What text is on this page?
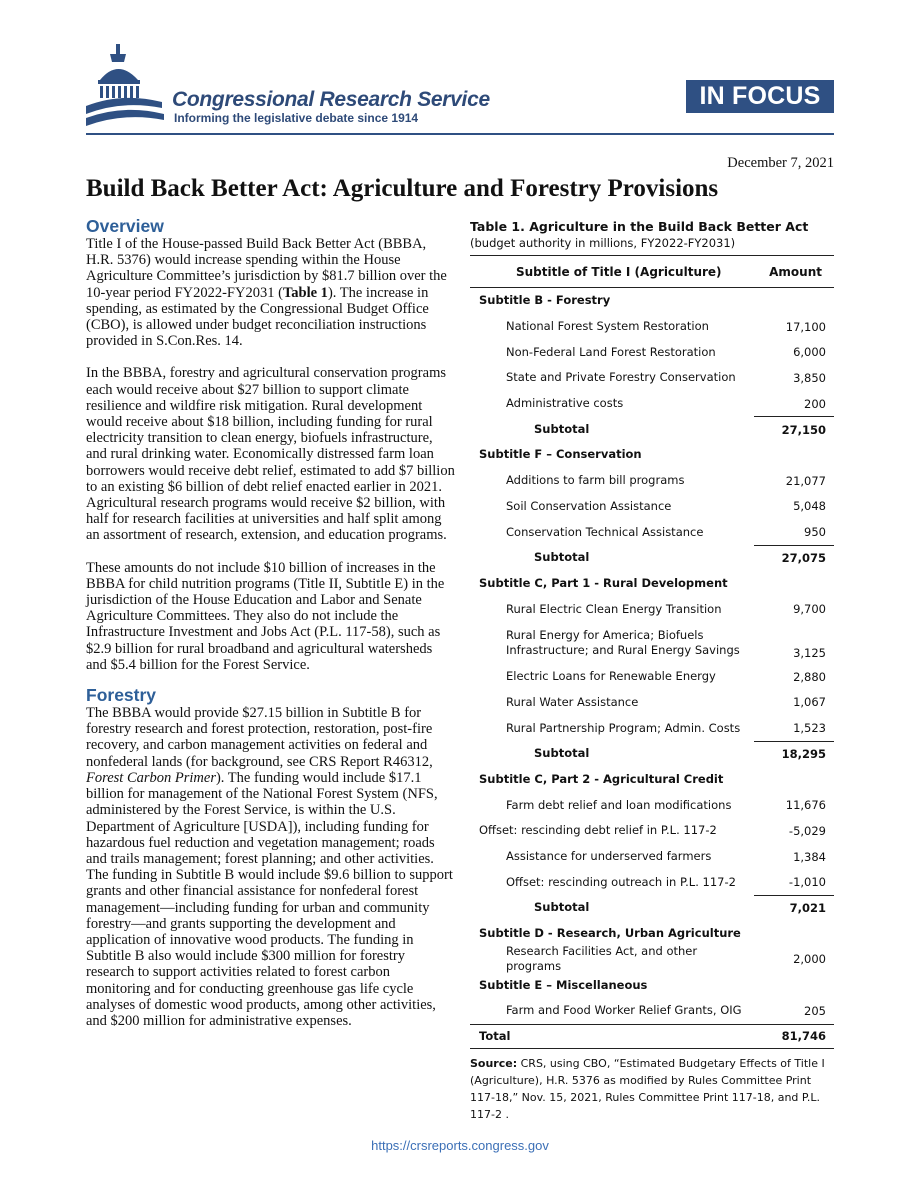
Congressional Research Service
Informing the legislative debate since 1914
IN FOCUS
December 7, 2021
Build Back Better Act: Agriculture and Forestry Provisions
Overview

Title I of the House-passed Build Back Better Act (BBBA, H.R. 5376) would increase spending within the House Agriculture Committee’s jurisdiction by $81.7 billion over the 10-year period FY2022-FY2031 (Table 1). The increase in spending, as estimated by the Congressional Budget Office (CBO), is allowed under budget reconciliation instructions provided in S.Con.Res. 14.

In the BBBA, forestry and agricultural conservation programs each would receive about $27 billion to support climate resilience and wildfire risk mitigation. Rural development would receive about $18 billion, including funding for rural electricity transition to clean energy, biofuels infrastructure, and rural drinking water. Economically distressed farm loan borrowers would receive debt relief, estimated to add $7 billion to an existing $6 billion of debt relief enacted earlier in 2021. Agricultural research programs would receive $2 billion, with half for research facilities at universities and half split among an assortment of research, extension, and education programs.

These amounts do not include $10 billion of increases in the BBBA for child nutrition programs (Title II, Subtitle E) in the jurisdiction of the House Education and Labor and Senate Agriculture Committees. They also do not include the Infrastructure Investment and Jobs Act (P.L. 117-58), such as $2.9 billion for rural broadband and agricultural watersheds and $5.4 billion for the Forest Service.

Forestry

The BBBA would provide $27.15 billion in Subtitle B for forestry research and forest protection, restoration, post-fire recovery, and carbon management activities on federal and nonfederal lands (for background, see CRS Report R46312, Forest Carbon Primer). The funding would include $17.1 billion for management of the National Forest System (NFS, administered by the Forest Service, is within the U.S. Department of Agriculture [USDA]), including funding for hazardous fuel reduction and vegetation management; roads and trails management; forest planning; and other activities. The funding in Subtitle B would include $9.6 billion to support grants and other financial assistance for nonfederal forest management—including funding for urban and community forestry—and grants supporting the development and application of innovative wood products. The funding in Subtitle B also would include $300 million for forestry research to support activities related to forest carbon monitoring and for conducting greenhouse gas life cycle analyses of domestic wood products, among other activities, and $200 million for administrative expenses.

Table 1. Agriculture in the Build Back Better Act
(budget authority in millions, FY2022-FY2031)
Subtitle of Title I (Agriculture)	Amount
Subtitle B - Forestry
National Forest System Restoration	17,100
Non-Federal Land Forest Restoration	6,000
State and Private Forestry Conservation	3,850
Administrative costs	200
Subtotal	27,150
Subtitle F – Conservation
Additions to farm bill programs	21,077
Soil Conservation Assistance	5,048
Conservation Technical Assistance	950
Subtotal	27,075
Subtitle C, Part 1 - Rural Development
Rural Electric Clean Energy Transition	9,700
Rural Energy for America; Biofuels
Infrastructure; and Rural Energy Savings	3,125
Electric Loans for Renewable Energy	2,880
Rural Water Assistance	1,067
Rural Partnership Program; Admin. Costs	1,523
Subtotal	18,295
Subtitle C, Part 2 - Agricultural Credit
Farm debt relief and loan modifications	11,676
Offset: rescinding debt relief in P.L. 117-2	-5,029
Assistance for underserved farmers	1,384
Offset: rescinding outreach in P.L. 117-2	-1,010
Subtotal	7,021
Subtitle D - Research, Urban Agriculture
Research Facilities Act, and other programs	2,000
Subtitle E – Miscellaneous
Farm and Food Worker Relief Grants, OIG	205
Total	81,746

Source: CRS, using CBO, “Estimated Budgetary Effects of Title I (Agriculture), H.R. 5376 as modified by Rules Committee Print 117-18,” Nov. 15, 2021, Rules Committee Print 117-18, and P.L. 117-2 .

https://crsreports.congress.gov
